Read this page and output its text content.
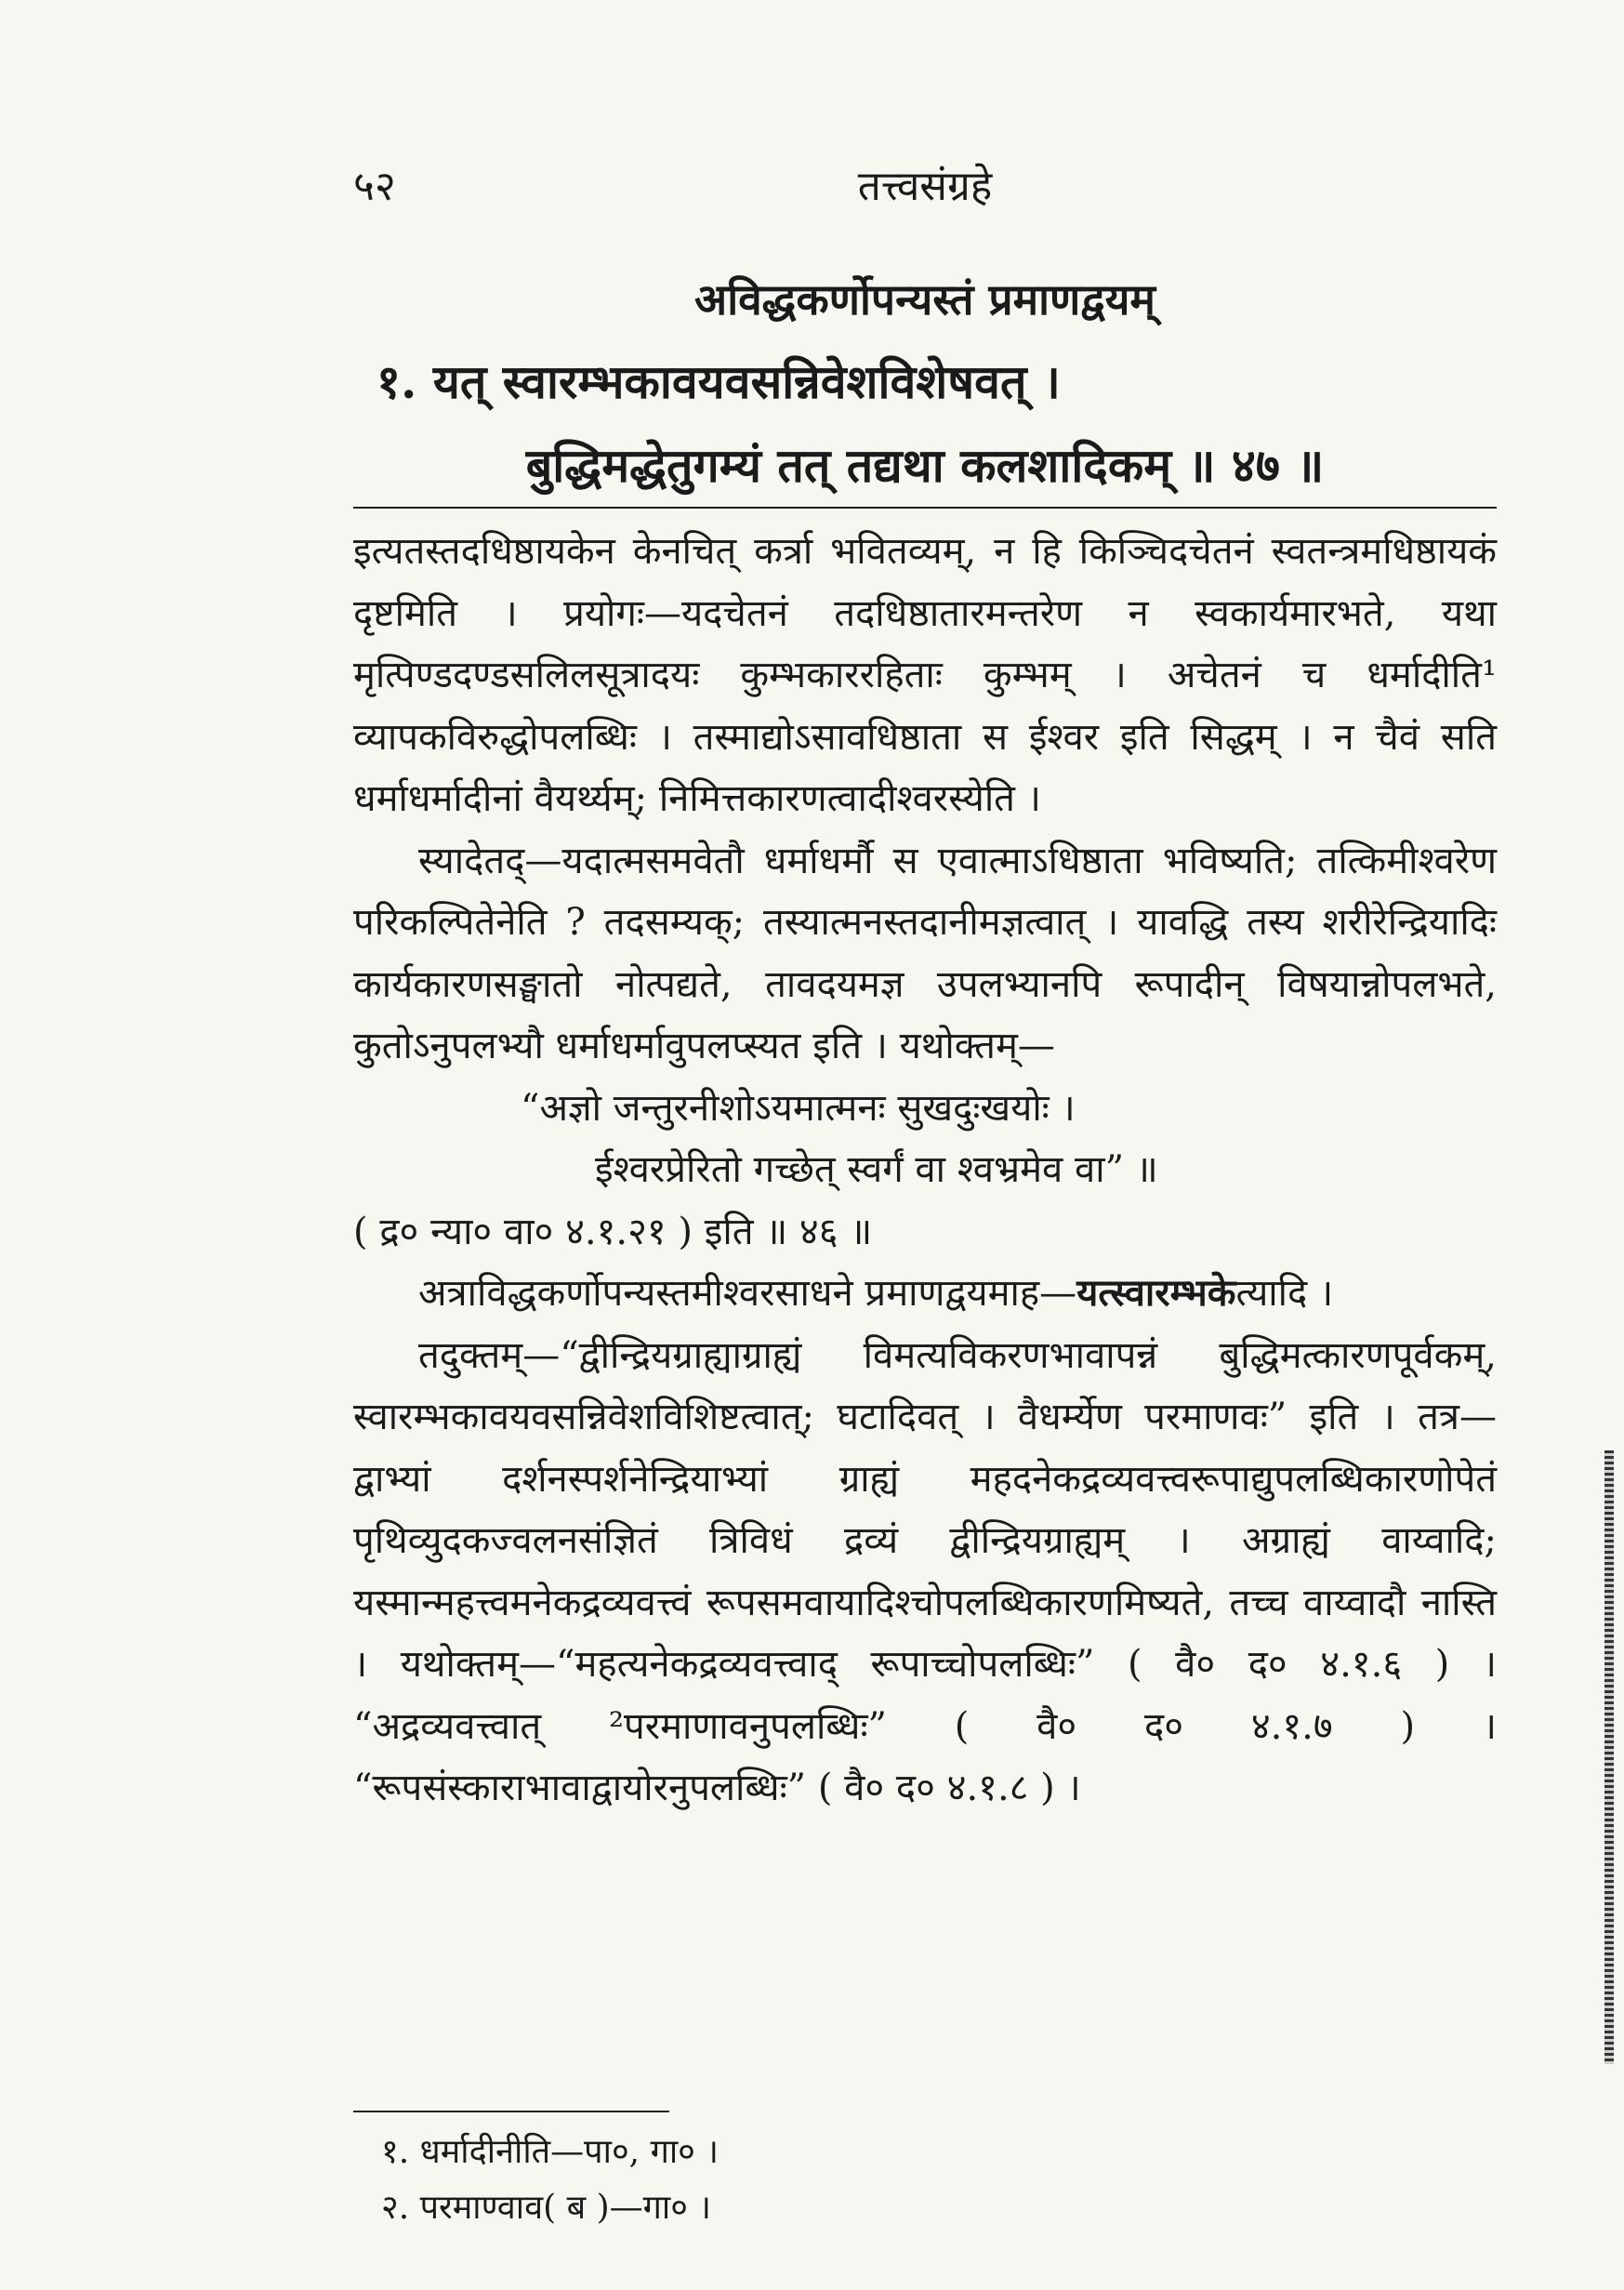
५२	तत्त्वसंग्रहे
अविद्धकर्णोपन्यस्तं प्रमाणद्वयम्
१. यत् स्वारम्भकावयवसन्निवेशविशेषवत् ।
बुद्धिमद्धेतुगम्यं तत् तद्यथा कलशादिकम् ॥ ४७ ॥

इत्यतस्तदधिष्ठायकेन केनचित् कर्त्रा भवितव्यम्, न हि किञ्चिदचेतनं स्वतन्त्रमधिष्ठायकं दृष्टमिति । प्रयोगः—यदचेतनं तदधिष्ठातारमन्तरेण न स्वकार्यमारभते, यथा मृत्पिण्डदण्डसलिलसूत्रादयः कुम्भकाररहिताः कुम्भम् । अचेतनं च धर्मादीति¹ व्यापकविरुद्धोपलब्धिः । तस्माद्योऽसावधिष्ठाता स ईश्वर इति सिद्धम् । न चैवं सति धर्माधर्मादीनां वैयर्थ्यम्; निमित्तकारणत्वादीश्वरस्येति ।

स्यादेतद्—यदात्मसमवेतौ धर्माधर्मौ स एवात्माऽधिष्ठाता भविष्यति; तत्किमीश्वरेण परिकल्पितेनेति ? तदसम्यक्; तस्यात्मनस्तदानीमज्ञत्वात् । यावद्धि तस्य शरीरेन्द्रियादिः कार्यकारणसङ्घातो नोत्पद्यते, तावदयमज्ञ उपलभ्यानपि रूपादीन् विषयान्नोपलभते, कुतोऽनुपलभ्यौ धर्माधर्मावुपलप्स्यत इति । यथोक्तम्—

“अज्ञो जन्तुरनीशोऽयमात्मनः सुखदुःखयोः ।

ईश्वरप्रेरितो गच्छेत् स्वर्गं वा श्वभ्रमेव वा” ॥

( द्र० न्या० वा० ४.१.२१ ) इति ॥ ४६ ॥

अत्राविद्धकर्णोपन्यस्तमीश्वरसाधने प्रमाणद्वयमाह—यत्स्वारम्भकेत्यादि ।

तदुक्तम्—“द्वीन्द्रियग्राह्याग्राह्यं विमत्यविकरणभावापन्नं बुद्धिमत्कारणपूर्वकम्, स्वारम्भकावयवसन्निवेशविशिष्टत्वात्; घटादिवत् । वैधर्म्येण परमाणवः” इति । तत्र—द्वाभ्यां दर्शनस्पर्शनेन्द्रियाभ्यां ग्राह्यं महदनेकद्रव्यवत्त्वरूपाद्युपलब्धिकारणोपेतं पृथिव्युदकज्वलनसंज्ञितं त्रिविधं द्रव्यं द्वीन्द्रियग्राह्यम् । अग्राह्यं वाय्वादि; यस्मान्महत्त्वमनेकद्रव्यवत्त्वं रूपसमवायादिश्चोपलब्धिकारणमिष्यते, तच्च वाय्वादौ नास्ति । यथोक्तम्—“महत्यनेकद्रव्यवत्त्वाद् रूपाच्चोपलब्धिः” ( वै० द० ४.१.६ ) । “अद्रव्यवत्त्वात् ²परमाणावनुपलब्धिः” ( वै० द० ४.१.७ ) । “रूपसंस्काराभावाद्वायोरनुपलब्धिः” ( वै० द० ४.१.८ ) ।

१. धर्मादीनीति—पा०, गा० ।
२. परमाण्वाव( ब )—गा० ।
